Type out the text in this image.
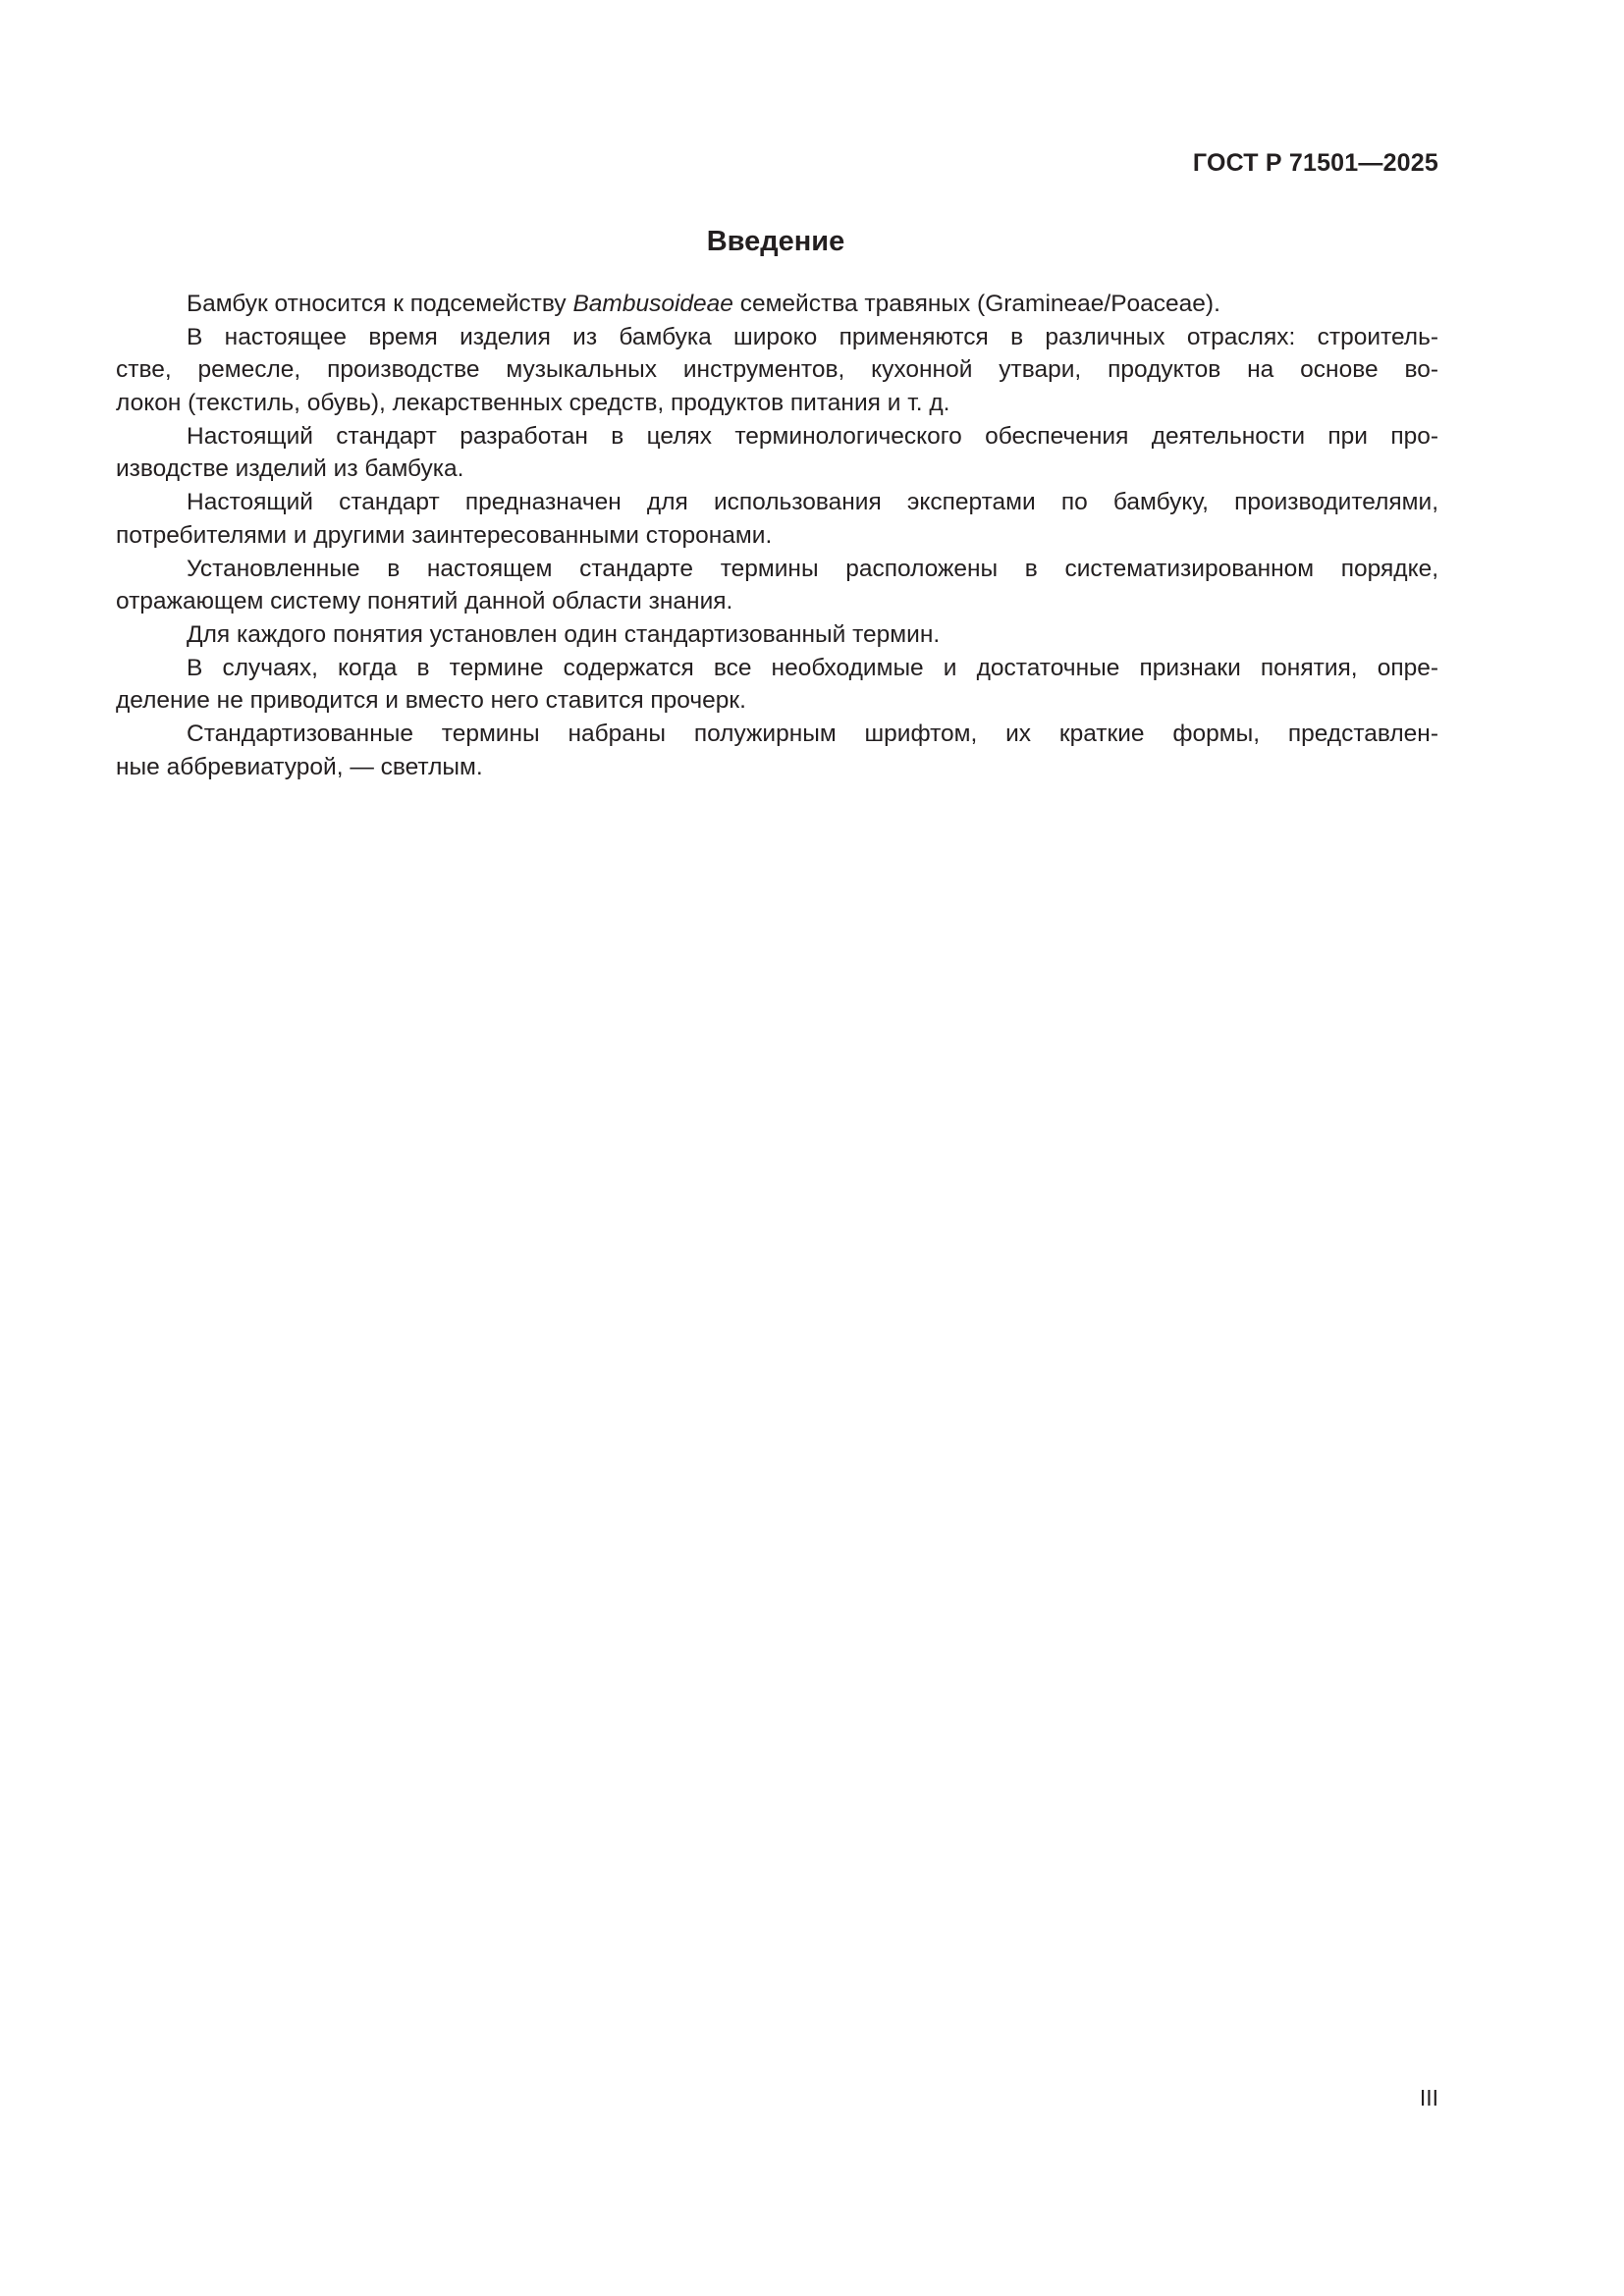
ГОСТ Р 71501—2025
Введение
Бамбук относится к подсемейству Bambusoideae семейства травяных (Gramineae/Poaceae).
В настоящее время изделия из бамбука широко применяются в различных отраслях: строитель-
стве, ремесле, производстве музыкальных инструментов, кухонной утвари, продуктов на основе во-
локон (текстиль, обувь), лекарственных средств, продуктов питания и т. д.
Настоящий стандарт разработан в целях терминологического обеспечения деятельности при про-
изводстве изделий из бамбука.
Настоящий стандарт предназначен для использования экспертами по бамбуку, производителями,
потребителями и другими заинтересованными сторонами.
Установленные в настоящем стандарте термины расположены в систематизированном порядке,
отражающем систему понятий данной области знания.
Для каждого понятия установлен один стандартизованный термин.
В случаях, когда в термине содержатся все необходимые и достаточные признаки понятия, опре-
деление не приводится и вместо него ставится прочерк.
Стандартизованные термины набраны полужирным шрифтом, их краткие формы, представлен-
ные аббревиатурой, — светлым.
III
